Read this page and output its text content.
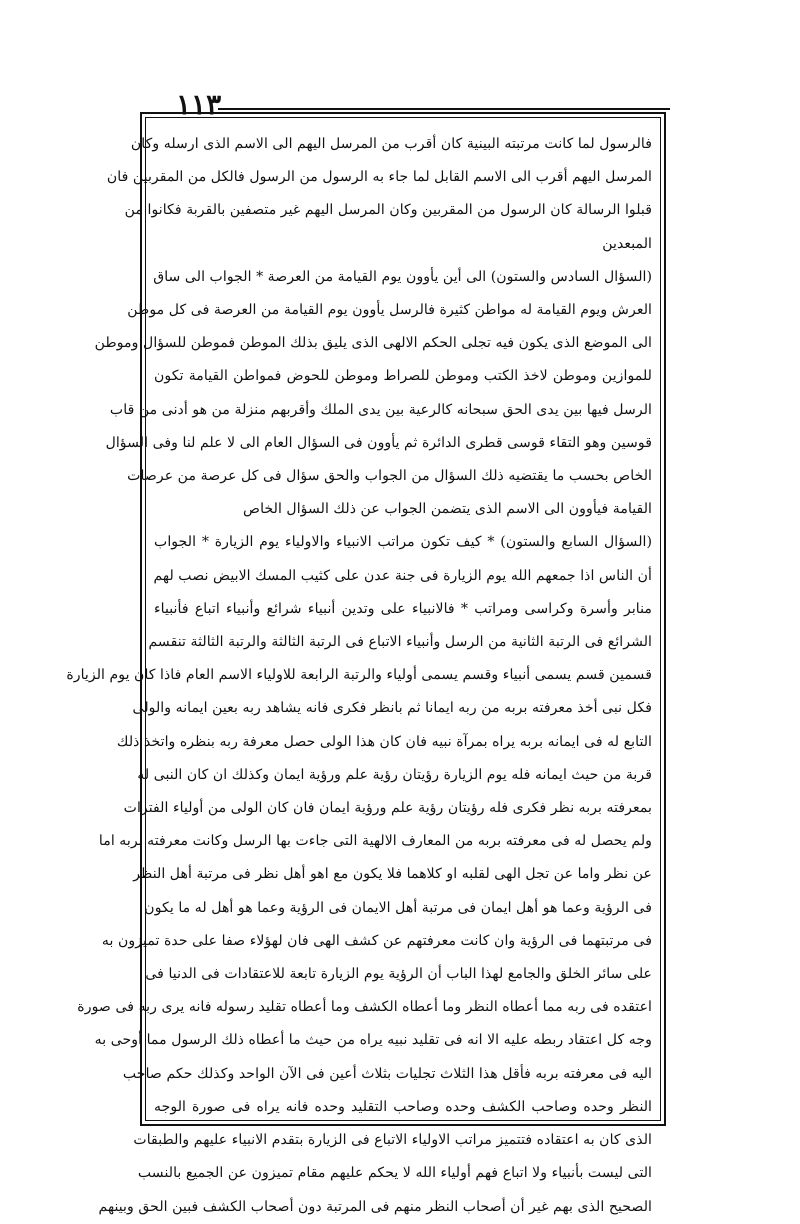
١١٣
فالرسول لما كانت مرتبته البينية كان أقرب من المرسل اليهم الى الاسم الذى ارسله وكان
المرسل اليهم أقرب الى الاسم القابل لما جاء به الرسول من الرسول فالكل من المقربين فان
قبلوا الرسالة كان الرسول من المقربين وكان المرسل اليهم غير متصفين بالقربة فكانوا من
المبعدين
(السؤال السادس والستون) الى أين يأوون يوم القيامة من العرصة * الجواب الى ساق
العرش ويوم القيامة له مواطن كثيرة فالرسل يأوون يوم القيامة من العرصة فى كل موطن
الى الموضع الذى يكون فيه تجلى الحكم الالهى الذى يليق بذلك الموطن فموطن للسؤال وموطن
للموازين وموطن لاخذ الكتب وموطن للصراط وموطن للحوض فمواطن القيامة تكون
الرسل فيها بين يدى الحق سبحانه كالرعية بين يدى الملك وأقربهم منزلة من هو أدنى من قاب
قوسين وهو التقاء قوسى قطرى الدائرة ثم يأوون فى السؤال العام الى لا علم لنا وفى السؤال
الخاص بحسب ما يقتضيه ذلك السؤال من الجواب والحق سؤال فى كل عرصة من عرصات
القيامة فيأوون الى الاسم الذى يتضمن الجواب عن ذلك السؤال الخاص
(السؤال السابع والستون) * كيف تكون مراتب الانبياء والاولياء يوم الزيارة * الجواب
أن الناس اذا جمعهم الله يوم الزيارة فى جنة عدن على كثيب المسك الابيض نصب لهم
منابر وأسرة وكراسى ومراتب * فالانبياء على وتدين أنبياء شرائع وأنبياء اتباع فأنبياء
الشرائع فى الرتبة الثانية من الرسل وأنبياء الاتباع فى الرتبة الثالثة والرتبة الثالثة تنقسم
قسمين قسم يسمى أنبياء وقسم يسمى أولياء والرتبة الرابعة للاولياء الاسم العام فاذا كان يوم الزيارة
فكل نبى أخذ معرفته بربه من ربه ايمانا ثم بانظر فكرى فانه يشاهد ربه بعين ايمانه والولى
التابع له فى ايمانه بربه يراه بمرآة نبيه فان كان هذا الولى حصل معرفة ربه بنظره واتخذ ذلك
قربة من حيث ايمانه فله يوم الزيارة رؤيتان رؤية علم ورؤية ايمان وكذلك ان كان النبى له
بمعرفته بربه نظر فكرى فله رؤيتان رؤية علم ورؤية ايمان فان كان الولى من أولياء الفترات
ولم يحصل له فى معرفته بربه من المعارف الالهية التى جاءت بها الرسل وكانت معرفته بربه اما
عن نظر واما عن تجل الهى لقلبه او كلاهما فلا يكون مع اهو أهل نظر فى مرتبة أهل النظر
فى الرؤية وعما هو أهل ايمان فى مرتبة أهل الايمان فى الرؤية وعما هو أهل له ما يكون
فى مرتبتهما فى الرؤية وان كانت معرفتهم عن كشف الهى فان لهؤلاء صفا على حدة تميزون به
على سائر الخلق والجامع لهذا الباب أن الرؤية يوم الزيارة تابعة للاعتقادات فى الدنيا فى
اعتقده فى ربه مما أعطاه النظر وما أعطاه الكشف وما أعطاه تقليد رسوله فانه يرى ربه فى صورة
وجه كل اعتقاد ربطه عليه الا انه فى تقليد نبيه يراه من حيث ما أعطاه ذلك الرسول مما أوحى به
اليه فى معرفته بربه فأقل هذا الثلاث تجليات بثلاث أعين فى الآن الواحد وكذلك حكم صاحب
النظر وحده وصاحب الكشف وحده وصاحب التقليد وحده فانه يراه فى صورة الوجه
الذى كان به اعتقاده فتتميز مراتب الاولياء الاتباع فى الزيارة بتقدم الانبياء عليهم والطبقات
التى ليست بأنبياء ولا اتباع فهم أولياء الله لا يحكم عليهم مقام تميزون عن الجميع بالنسب
الصحيح الذى بهم غير أن أصحاب النظر منهم فى المرتبة دون أصحاب الكشف فبين الحق وبينهم
